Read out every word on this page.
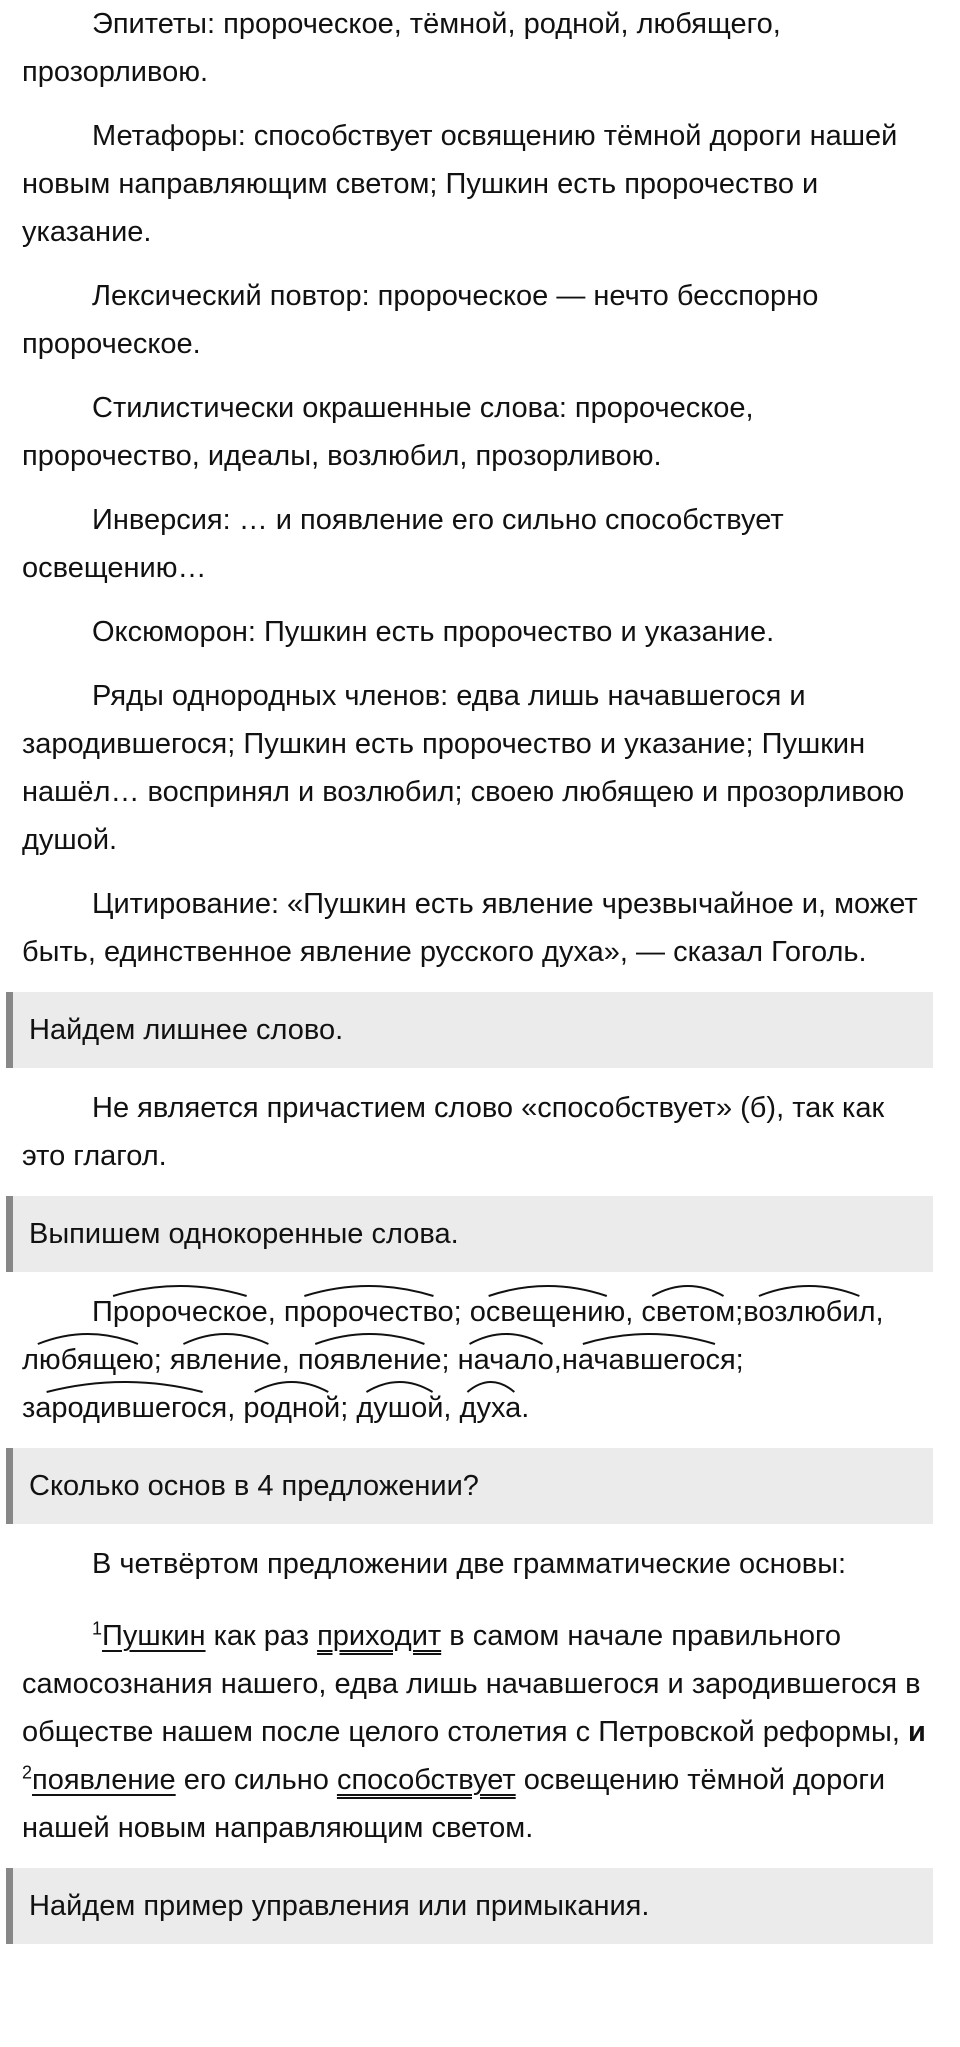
Эпитеты: пророческое, тёмной, родной, любящего, прозорливою.

Метафоры: способствует освящению тёмной дороги нашей новым направляющим светом; Пушкин есть пророчество и указание.

Лексический повтор: пророческое — нечто бесспорно пророческое.

Стилистически окрашенные слова: пророческое, пророчество, идеалы, возлюбил, прозорливою.

Инверсия: … и появление его сильно способствует освещению…

Оксюморон: Пушкин есть пророчество и указание.

Ряды однородных членов: едва лишь начавшегося и зародившегося; Пушкин есть пророчество и указание; Пушкин нашёл… воспринял и возлюбил; своею любящею и прозорливою душой.

Цитирование: «Пушкин есть явление чрезвычайное и, может быть, единственное явление русского духа», — сказал Гоголь.

Найдем лишнее слово.

Не является причастием слово «способствует» (б), так как это глагол.

Выпишем однокоренные слова.

Пророческое
, пророчество
; освещению
, светом
;возлюбил
, любящею
; явление
, появление
; начало
,начавшегося
; зародившегося
, родной
; душой
, духа
.

Сколько основ в 4 предложении?

В четвёртом предложении две грамматические основы:

$^1$Пушкин как раз приходит в самом начале правильного самосознания нашего, едва лишь начавшегося и зародившегося в обществе нашем после целого столетия с Петровской реформы, и $^2$появление его сильно способствует освещению тёмной дороги нашей новым направляющим светом.

Найдем пример управления или примыкания.
